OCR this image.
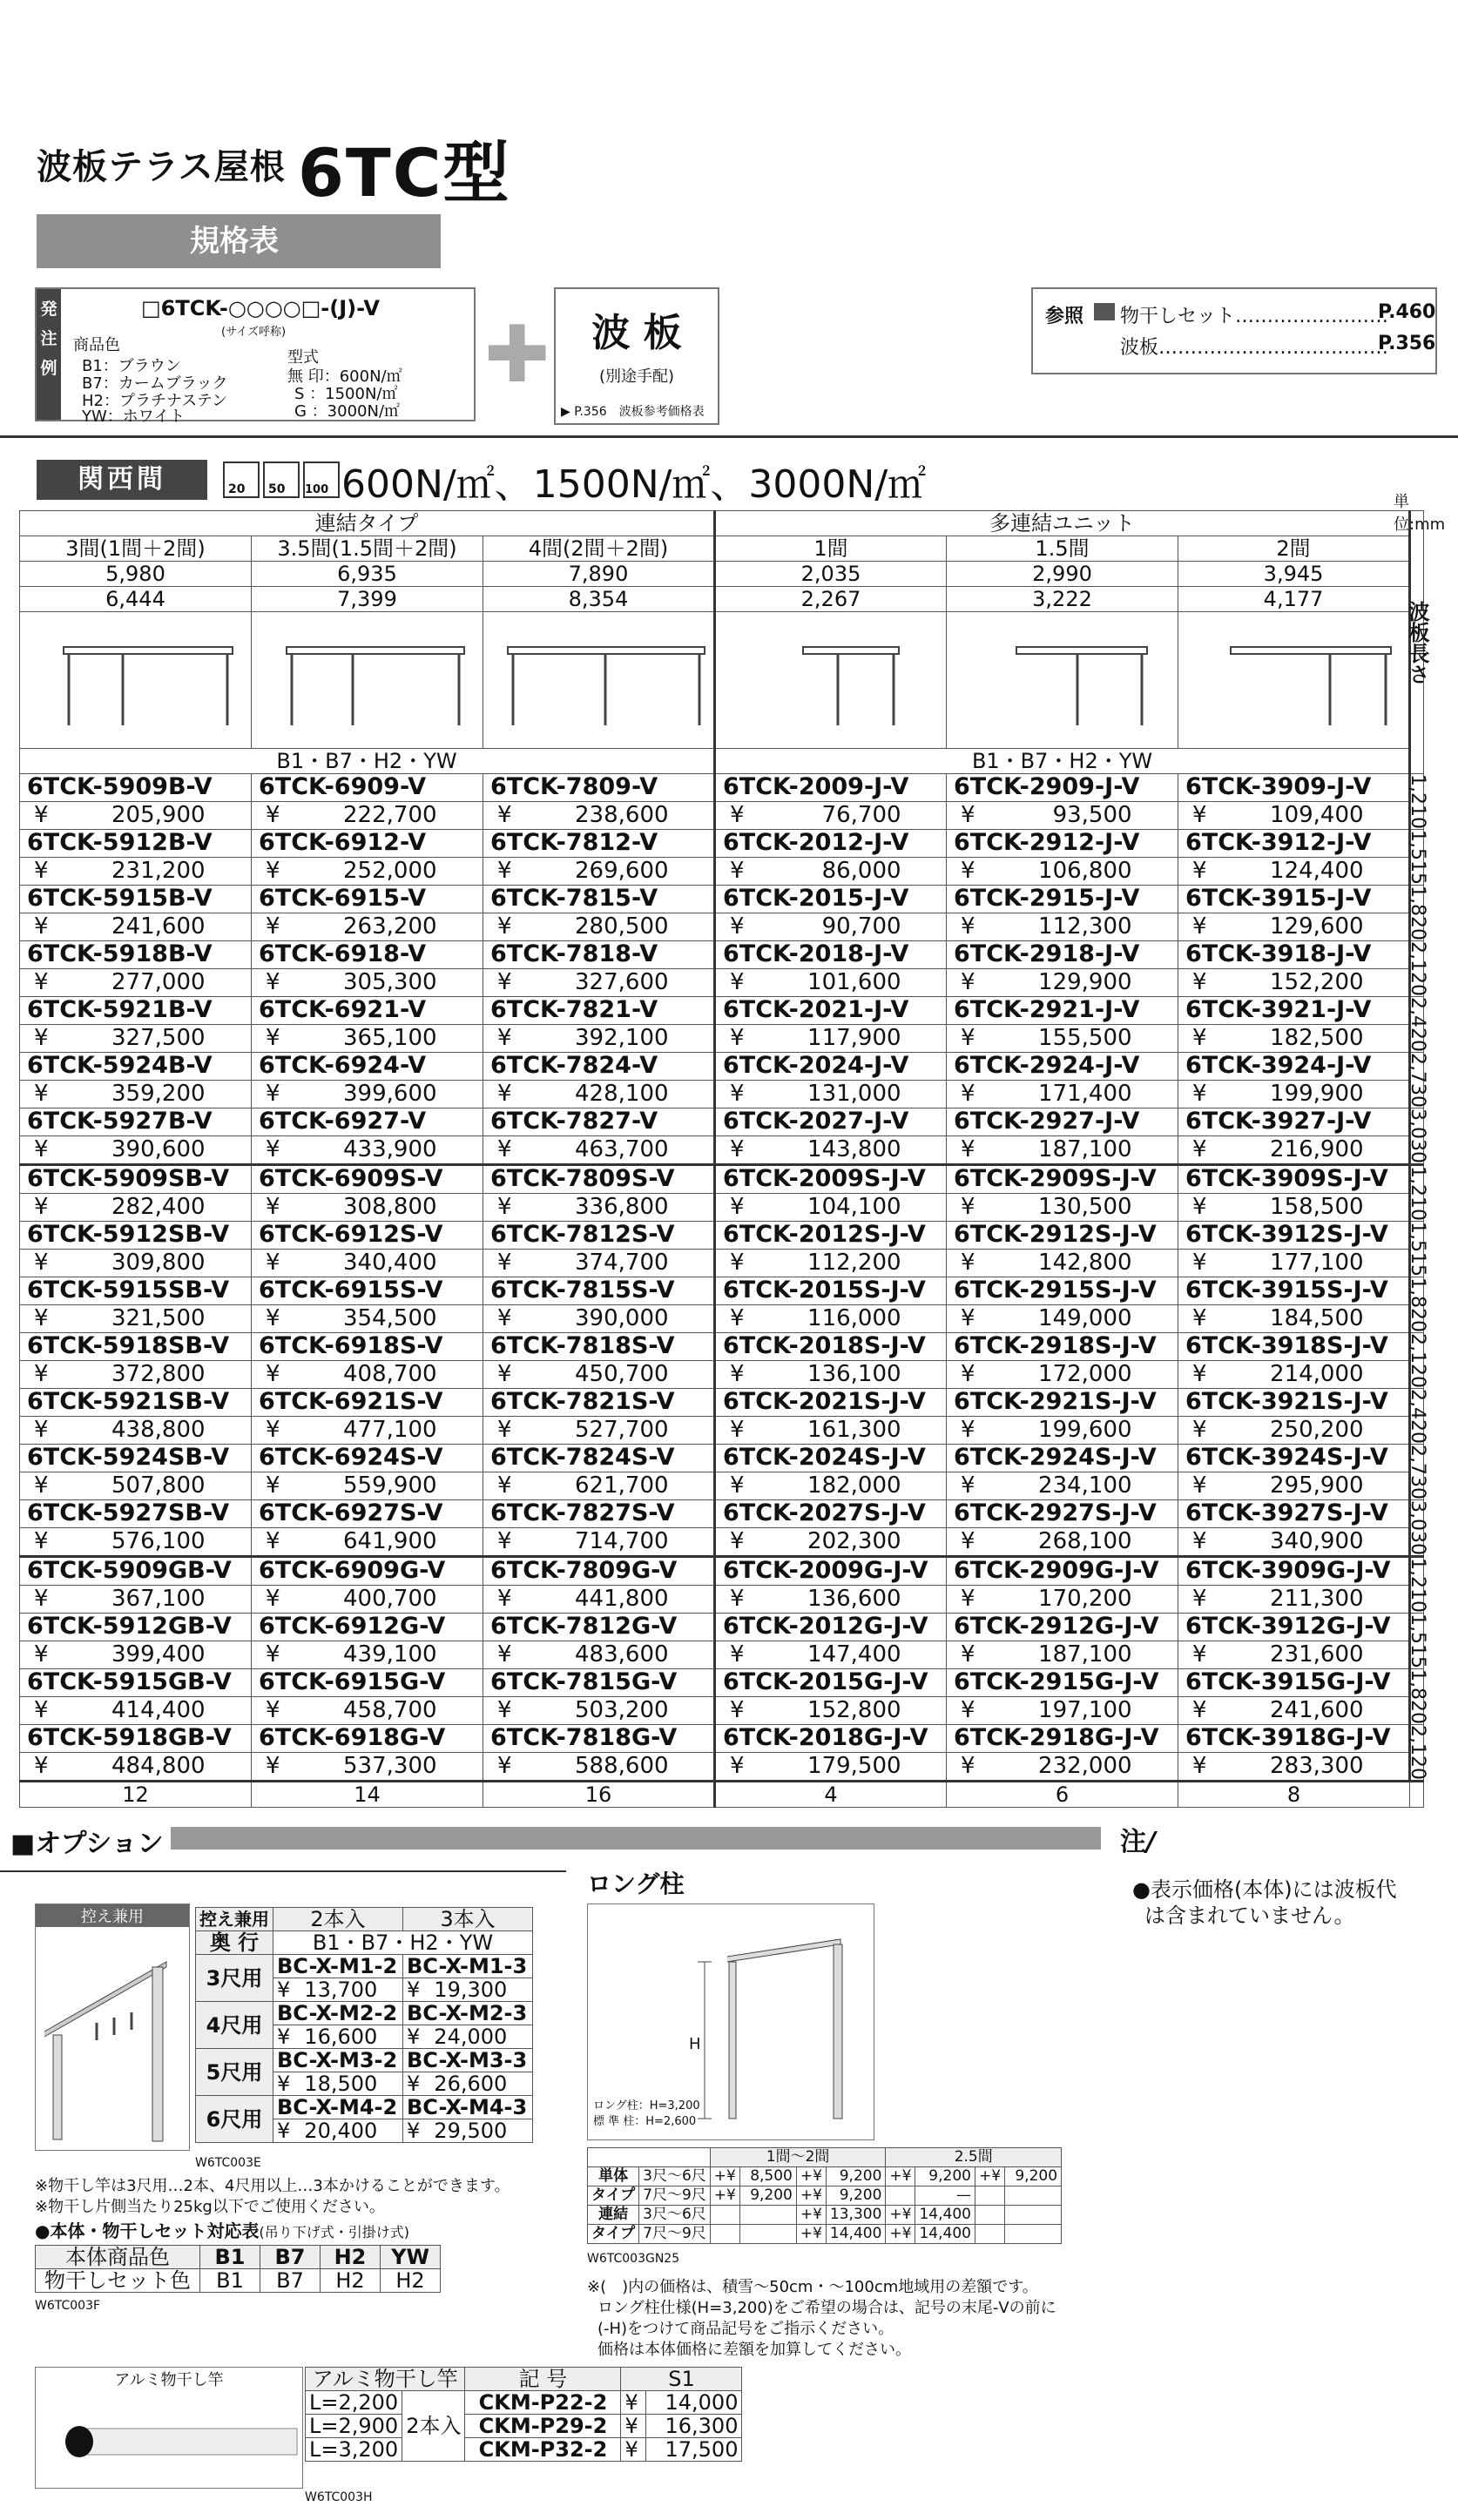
波板テラス屋根 6TC型
規格表
発
注
例
□6TCK-○○○○□-(J)-V
(サイズ呼称)
商品色
型式
B1：ブラウン
B7：カームブラック
H2：プラチナステン
YW：ホワイト
無 印：600N/㎡
S ：1500N/㎡
G ：3000N/㎡
✚	波 板
(別途手配)
▶ P.356　波板参考価格表
参照 物干しセット……………………
P.460
波板………………………………
P.356
関西間	20 50 100 600N/㎡、1500N/㎡、3000N/㎡	単位:mm
連結タイプ			多連結ユニット			波板長さ
3間(1間＋2間)	3.5間(1.5間＋2間)	4間(2間＋2間)	1間	1.5間	2間	
5,980	6,935	7,890	2,035	2,990	3,945	
6,444	7,399	8,354	2,267	3,222	4,177	

B1・B7・H2・YW			B1・B7・H2・YW			
6TCK-5909B-V	6TCK-6909-V	6TCK-7809-V	6TCK-2009-J-V	6TCK-2909-J-V	6TCK-3909-J-V	1,210
¥ 205,900	¥ 222,700	¥ 238,600	¥ 76,700	¥ 93,500	¥ 109,400	
6TCK-5912B-V	6TCK-6912-V	6TCK-7812-V	6TCK-2012-J-V	6TCK-2912-J-V	6TCK-3912-J-V	1,515
¥ 231,200	¥ 252,000	¥ 269,600	¥ 86,000	¥ 106,800	¥ 124,400	
6TCK-5915B-V	6TCK-6915-V	6TCK-7815-V	6TCK-2015-J-V	6TCK-2915-J-V	6TCK-3915-J-V	1,820
¥ 241,600	¥ 263,200	¥ 280,500	¥ 90,700	¥ 112,300	¥ 129,600	
6TCK-5918B-V	6TCK-6918-V	6TCK-7818-V	6TCK-2018-J-V	6TCK-2918-J-V	6TCK-3918-J-V	2,120
¥ 277,000	¥ 305,300	¥ 327,600	¥ 101,600	¥ 129,900	¥ 152,200	
6TCK-5921B-V	6TCK-6921-V	6TCK-7821-V	6TCK-2021-J-V	6TCK-2921-J-V	6TCK-3921-J-V	2,420
¥ 327,500	¥ 365,100	¥ 392,100	¥ 117,900	¥ 155,500	¥ 182,500	
6TCK-5924B-V	6TCK-6924-V	6TCK-7824-V	6TCK-2024-J-V	6TCK-2924-J-V	6TCK-3924-J-V	2,730
¥ 359,200	¥ 399,600	¥ 428,100	¥ 131,000	¥ 171,400	¥ 199,900	
6TCK-5927B-V	6TCK-6927-V	6TCK-7827-V	6TCK-2027-J-V	6TCK-2927-J-V	6TCK-3927-J-V	3,030
¥ 390,600	¥ 433,900	¥ 463,700	¥ 143,800	¥ 187,100	¥ 216,900	
6TCK-5909SB-V	6TCK-6909S-V	6TCK-7809S-V	6TCK-2009S-J-V	6TCK-2909S-J-V	6TCK-3909S-J-V	1,210
¥ 282,400	¥ 308,800	¥ 336,800	¥ 104,100	¥ 130,500	¥ 158,500	
6TCK-5912SB-V	6TCK-6912S-V	6TCK-7812S-V	6TCK-2012S-J-V	6TCK-2912S-J-V	6TCK-3912S-J-V	1,515
¥ 309,800	¥ 340,400	¥ 374,700	¥ 112,200	¥ 142,800	¥ 177,100	
6TCK-5915SB-V	6TCK-6915S-V	6TCK-7815S-V	6TCK-2015S-J-V	6TCK-2915S-J-V	6TCK-3915S-J-V	1,820
¥ 321,500	¥ 354,500	¥ 390,000	¥ 116,000	¥ 149,000	¥ 184,500	
6TCK-5918SB-V	6TCK-6918S-V	6TCK-7818S-V	6TCK-2018S-J-V	6TCK-2918S-J-V	6TCK-3918S-J-V	2,120
¥ 372,800	¥ 408,700	¥ 450,700	¥ 136,100	¥ 172,000	¥ 214,000	
6TCK-5921SB-V	6TCK-6921S-V	6TCK-7821S-V	6TCK-2021S-J-V	6TCK-2921S-J-V	6TCK-3921S-J-V	2,420
¥ 438,800	¥ 477,100	¥ 527,700	¥ 161,300	¥ 199,600	¥ 250,200	
6TCK-5924SB-V	6TCK-6924S-V	6TCK-7824S-V	6TCK-2024S-J-V	6TCK-2924S-J-V	6TCK-3924S-J-V	2,730
¥ 507,800	¥ 559,900	¥ 621,700	¥ 182,000	¥ 234,100	¥ 295,900	
6TCK-5927SB-V	6TCK-6927S-V	6TCK-7827S-V	6TCK-2027S-J-V	6TCK-2927S-J-V	6TCK-3927S-J-V	3,030
¥ 576,100	¥ 641,900	¥ 714,700	¥ 202,300	¥ 268,100	¥ 340,900	
6TCK-5909GB-V	6TCK-6909G-V	6TCK-7809G-V	6TCK-2009G-J-V	6TCK-2909G-J-V	6TCK-3909G-J-V	1,210
¥ 367,100	¥ 400,700	¥ 441,800	¥ 136,600	¥ 170,200	¥ 211,300	
6TCK-5912GB-V	6TCK-6912G-V	6TCK-7812G-V	6TCK-2012G-J-V	6TCK-2912G-J-V	6TCK-3912G-J-V	1,515
¥ 399,400	¥ 439,100	¥ 483,600	¥ 147,400	¥ 187,100	¥ 231,600	
6TCK-5915GB-V	6TCK-6915G-V	6TCK-7815G-V	6TCK-2015G-J-V	6TCK-2915G-J-V	6TCK-3915G-J-V	1,820
¥ 414,400	¥ 458,700	¥ 503,200	¥ 152,800	¥ 197,100	¥ 241,600	
6TCK-5918GB-V	6TCK-6918G-V	6TCK-7818G-V	6TCK-2018G-J-V	6TCK-2918G-J-V	6TCK-3918G-J-V	2,120
¥ 484,800	¥ 537,300	¥ 588,600	¥ 179,500	¥ 232,000	¥ 283,300	
12	14	16	4	6	8	
■オプション	注/
控え兼用	控え兼用	2本入	3本入
奥 行	B1・B7・H2・YW	
3尺用	BC-X-M1-2	BC-X-M1-3
	¥ 13,700	¥ 19,300
4尺用	BC-X-M2-2	BC-X-M2-3
	¥ 16,600	¥ 24,000
5尺用	BC-X-M3-2	BC-X-M3-3
	¥ 18,500	¥ 26,600
6尺用	BC-X-M4-2	BC-X-M4-3
	¥ 20,400	¥ 29,500
W6TC003E
※物干し竿は3尺用…2本、4尺用以上…3本かけることができます。
※物干し片側当たり25kg以下でご使用ください。
●本体・物干しセット対応表(吊り下げ式・引掛け式)
本体商品色	B1	B7	H2	YW
物干しセット色	B1	B7	H2	H2
W6TC003F
ロング柱
H
ロング柱：H=3,200
標 準 柱：H=2,600
		1間〜2間				2.5間			
単体	3尺〜6尺	+¥	8,500	+¥	9,200	+¥	9,200	+¥	9,200
タイプ	7尺〜9尺	+¥	9,200	+¥	9,200		—		
連結	3尺〜6尺			+¥	13,300	+¥	14,400		
タイプ	7尺〜9尺			+¥	14,400	+¥	14,400		
W6TC003GN25
※(　)内の価格は、積雪〜50cm・〜100cm地域用の差額です。
ロング柱仕様(H=3,200)をご希望の場合は、記号の末尾-Vの前に
(-H)をつけて商品記号をご指示ください。
価格は本体価格に差額を加算してください。
●表示価格(本体)には波板代
は含まれていません。
アルミ物干し竿	アルミ物干し竿		記 号	S1	
L=2,200	2本入	CKM-P22-2	¥	14,000
L=2,900		CKM-P29-2	¥	16,300
L=3,200		CKM-P32-2	¥	17,500
W6TC003H
